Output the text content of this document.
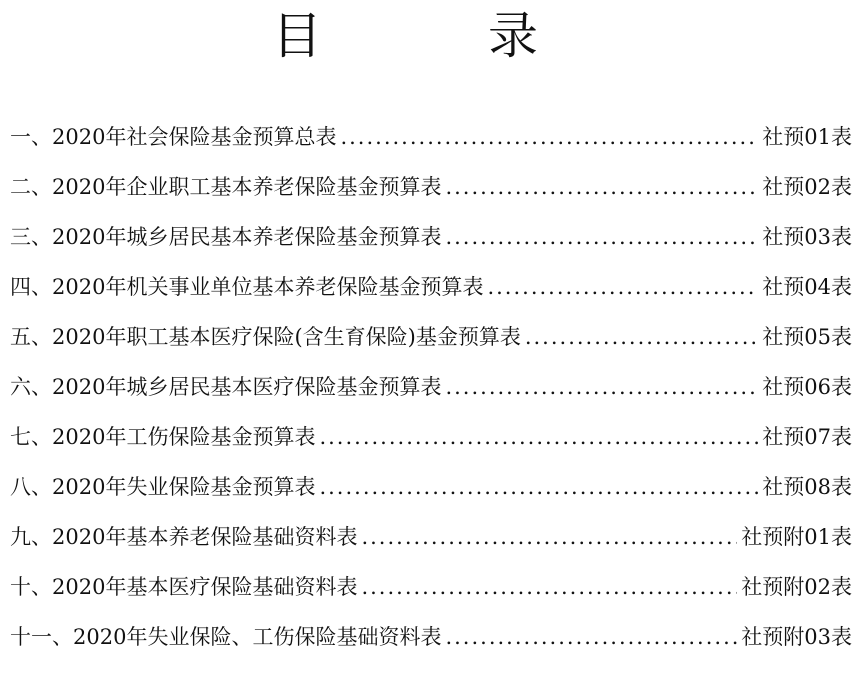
目	录
一、2020年社会保险基金预算总表 .....	社预01表
二、2020年企业职工基本养老保险基金预算表 .....	社预02表
三、2020年城乡居民基本养老保险基金预算表 .....	社预03表
四、2020年机关事业单位基本养老保险基金预算表 .....	社预04表
五、2020年职工基本医疗保险(含生育保险)基金预算表 .....	社预05表
六、2020年城乡居民基本医疗保险基金预算表 .....	社预06表
七、2020年工伤保险基金预算表 .....	社预07表
八、2020年失业保险基金预算表 .....	社预08表
九、2020年基本养老保险基础资料表 .....	社预附01表
十、2020年基本医疗保险基础资料表 .....	社预附02表
十一、2020年失业保险、工伤保险基础资料表 .....	社预附03表
